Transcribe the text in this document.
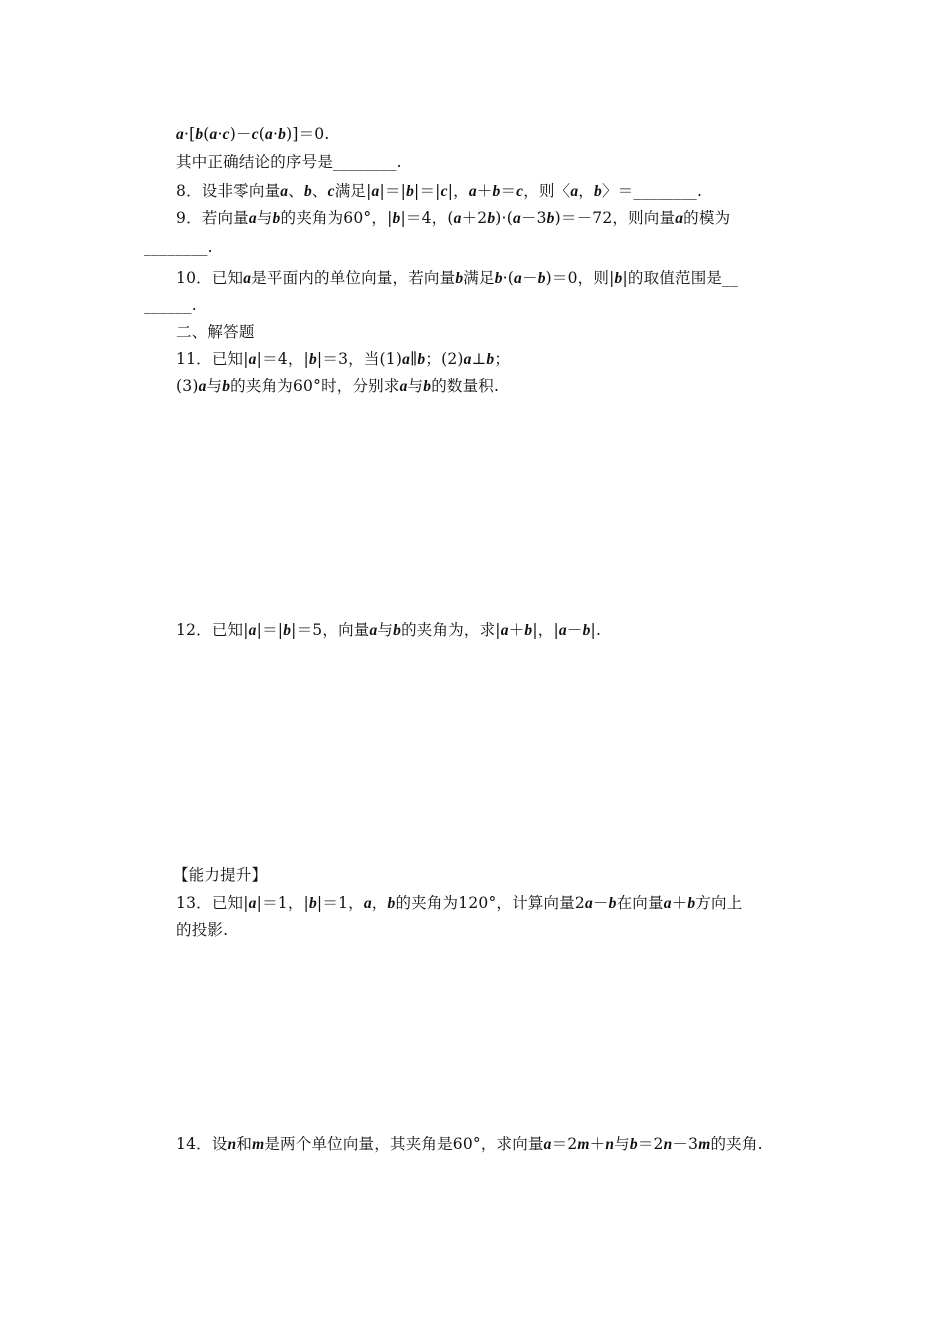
a·[b(a·c)－c(a·b)]＝0.
其中正确结论的序号是________.
8．设非零向量a、b、c满足|a|＝|b|＝|c|，a＋b＝c，则〈a，b〉＝________.
9．若向量a与b的夹角为60°，|b|＝4，(a＋2b)·(a－3b)＝－72，则向量a的模为
________.
10．已知a是平面内的单位向量，若向量b满足b·(a－b)＝0，则|b|的取值范围是__
______.
二、解答题
11．已知|a|＝4，|b|＝3，当(1)a∥b；(2)a⊥b；
(3)a与b的夹角为60°时，分别求a与b的数量积.
12．已知|a|＝|b|＝5，向量a与b的夹角为，求|a＋b|，|a－b|.
【能力提升】
13．已知|a|＝1，|b|＝1，a，b的夹角为120°，计算向量2a－b在向量a＋b方向上
的投影.
14．设n和m是两个单位向量，其夹角是60°，求向量a＝2m＋n与b＝2n－3m的夹角.
